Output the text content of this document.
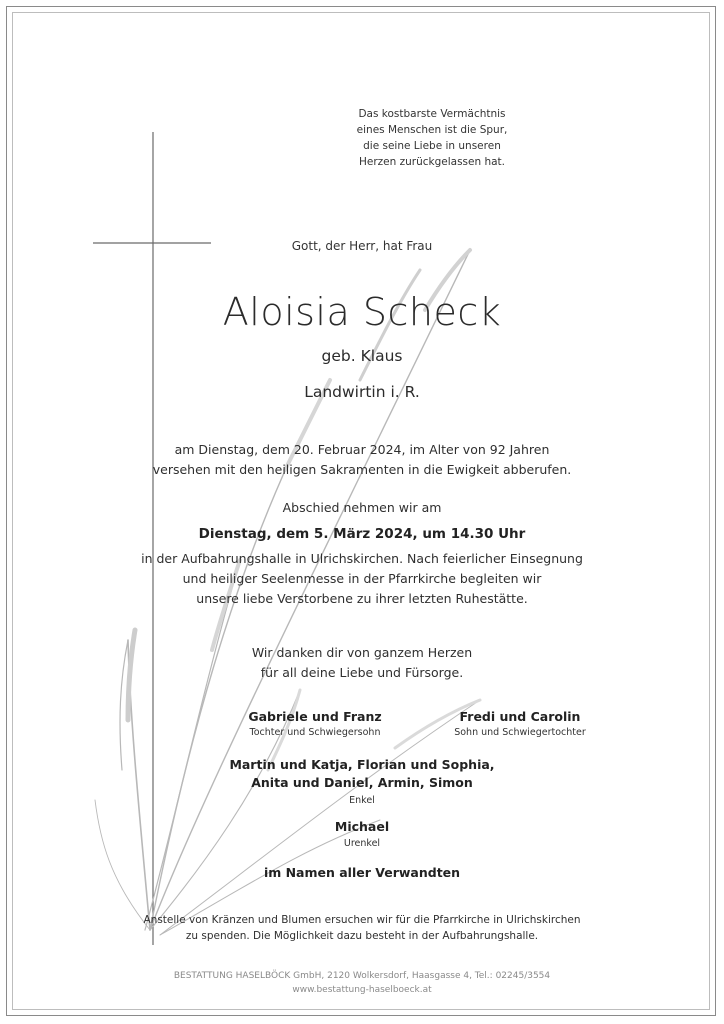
Das kostbarste Vermächtnis
eines Menschen ist die Spur,
die seine Liebe in unseren
Herzen zurückgelassen hat.
Gott, der Herr, hat Frau
Aloisia Scheck
geb. Klaus
Landwirtin i. R.
am Dienstag, dem 20. Februar 2024, im Alter von 92 Jahren
versehen mit den heiligen Sakramenten in die Ewigkeit abberufen.
Abschied nehmen wir am
Dienstag, dem 5. März 2024, um 14.30 Uhr
in der Aufbahrungshalle in Ulrichskirchen. Nach feierlicher Einsegnung
und heiliger Seelenmesse in der Pfarrkirche begleiten wir
unsere liebe Verstorbene zu ihrer letzten Ruhestätte.
Wir danken dir von ganzem Herzen
für all deine Liebe und Fürsorge.
Gabriele und Franz
Tochter und Schwiegersohn
Fredi und Carolin
Sohn und Schwiegertochter
Martin und Katja, Florian und Sophia,
Anita und Daniel, Armin, Simon
Enkel
Michael
Urenkel
im Namen aller Verwandten
Anstelle von Kränzen und Blumen ersuchen wir für die Pfarrkirche in Ulrichskirchen
zu spenden. Die Möglichkeit dazu besteht in der Aufbahrungshalle.
BESTATTUNG HASELBÖCK GmbH, 2120 Wolkersdorf, Haasgasse 4, Tel.: 02245/3554
www.bestattung-haselboeck.at
